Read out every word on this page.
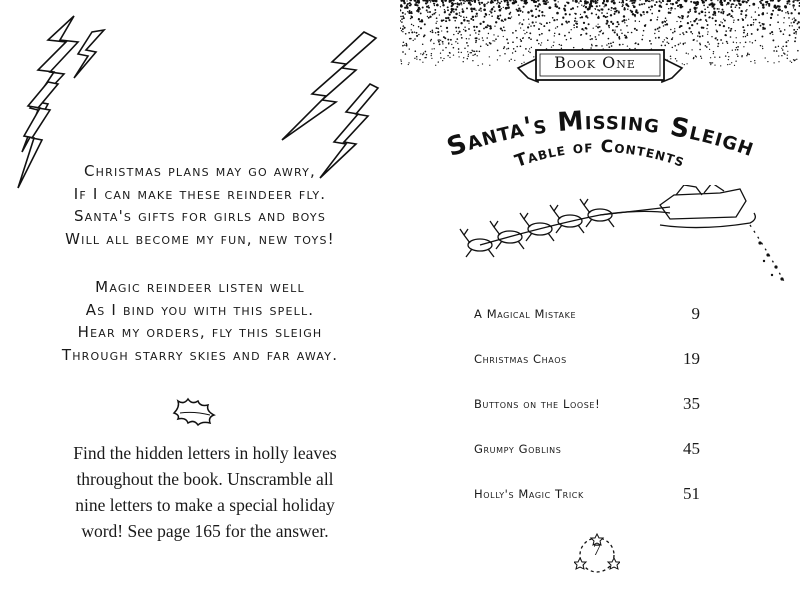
Christmas plans may go awry,
If I can make these reindeer fly.
Santa's gifts for girls and boys
Will all become my fun, new toys!
Magic reindeer listen well
As I bind you with this spell.
Hear my orders, fly this sleigh
Through starry skies and far away.
Find the hidden letters in holly leaves
throughout the book. Unscramble all
nine letters to make a special holiday
word! See page 165 for the answer.
Book One
Santa's Missing Sleigh
Table of Contents
A Magical Mistake	9
Christmas Chaos	19
Buttons on the Loose!	35
Grumpy Goblins	45
Holly's Magic Trick	51
7
